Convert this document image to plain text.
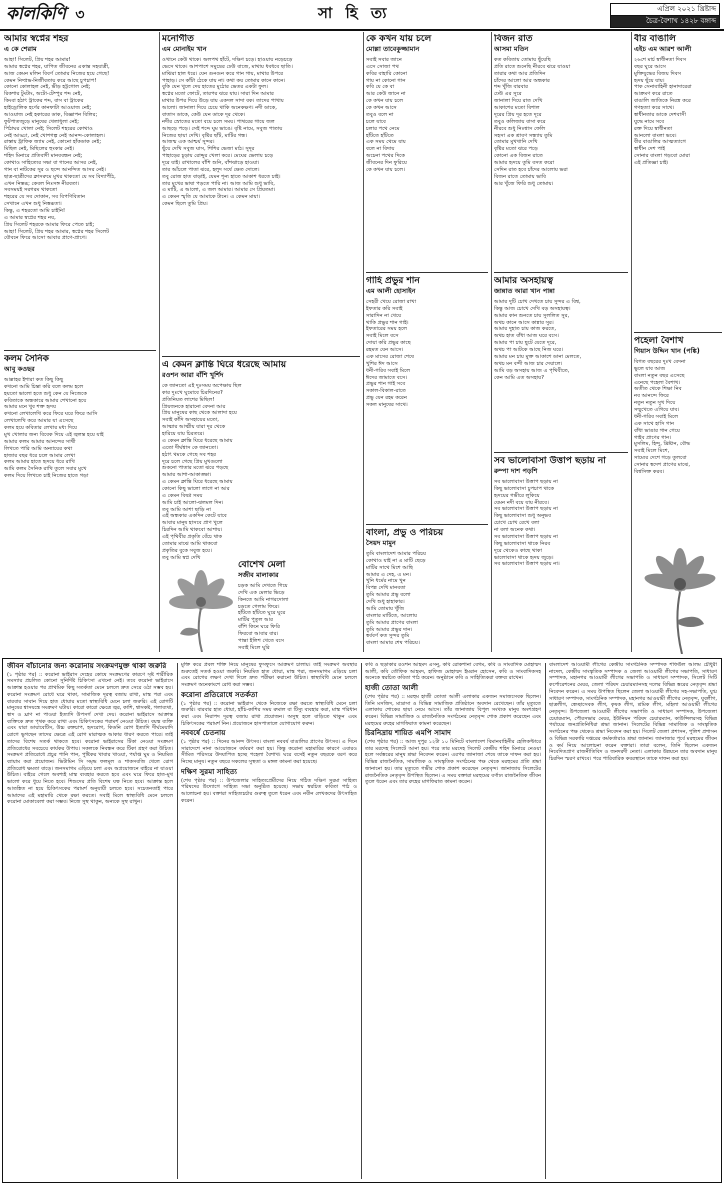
কালকিণি ৩	সা হি ত্য	এপ্রিল ২০২১ খ্রিষ্টাব্দ
চৈত্র-বৈশাখ ১৪২৮ বঙ্গাব্দ
আমার স্বপ্নের শহর
এ কে শেরাম

আহা! সিলেট, প্রিয় শহর আমার!

আমার স্বপ্নের শহর, যাপিত জীবনের একান্ত সহযাত্রী,

আজ কেমন মলিন বিবর্ণ তোমার নিজের হয়ে গেছে!

কেমন নিষ্প্রভ-নির্জীবতায় করে আছে চুপচাপ!

কোনো কোলাহল নেই, ভীড় হট্টগোল নেই;

রিকশার টুংটাং, অটো-টেম্পুর শব্দ নেই,

কিংবা হঠাৎ ট্রাকের শব্দ, বাস বা ট্রাকের

হাইড্রোলিক হর্ণের কানফাটা আওয়াজ নেই;

আওয়াজ নেই হকারের ডাক, বিজ্ঞাপন বিলির;

ফুটপাতজুড়ে মানুষের খেলাধুলা নেই;

পিঠাঘর খোলা নেই; সিলেট শহরের কোথাও

নেই আড্ডা, নেই খোশগল্প নেই আনন্দ-কোলাহল।

রাস্তায় ট্রাফিক জ্যাম নেই, কোনো হাঁকডাক নেই;

মিছিল নেই, মিছিলের হুংকার নেই।

শহিদ মিনারে প্রতিবাদী মানববন্ধন নেই;

কোথাও সাহিত্যের সভা বা গানের আসর নেই,

গান বা নাটকের সুর ও ছন্দে আনন্দিত আসর নেই।

ছাত্র-ছাত্রীদের ক্লাসরুমে মুখর থাকতো যে সব বিদ্যাপীঠ,

এখন নিস্তব্ধ; কেবল নিঃসঙ্গ নীরবতা।

সবসময়ই সরগরম থাকতো

শহরের যে সব দোকান, সব বিপণিবিতান

সেখানে এখন শুধু নিস্তব্ধতা।

কিন্তু, এ শহরতো আমি চাইনি!

এ আমার স্বপ্নের শহর নয়,

প্রিয় সিলেট শহরকে আমার ফিরে পেতে চাই;

আহা! সিলেট, প্রিয় শহর আমার, স্বপ্নের শহর সিলেট

যৌবনে ফিরে আসো আবার প্রাণে-প্রাণে।

কলম সৈনিক
আবু কওছর

আল্লাহর ইশারা কত কিছু কিছু

কখনো আমি চিন্তা করি বলে কলম হলে

হয়তো ভালো হতে শুধু কেন যে নিজেকে

কবিতাকে অন্ধকারে আমার শেখানো হয়ে

আমার মনে খুব শক্ত হৃদয়

কখনো লেখালেখি করে ফিরে ঘরে ফিরে আসি

লেখালেখি করে আমার যা এসেছে

কলম হয়ে কবিতার লেখার মধ্য দিয়ে

মুখ খোলার জন্য বিবেক দিয়ে এই জ্বলন্ত হয়ে যাই

আমার কলম আমার আনন্দের সাথী

লিখতে পারি আমি অন্যায়ের কথা

হাজার বছর ধরে চলে আমার লেখা

কলম আমার হাতে হৃদয়ে ধরে রাখি

আমি কলম সৈনিক রাখি তুলে সবার মুখে

কলম দিয়ে লিখতে চাই নিজের হাতে গড়া

মনোগীত
এম মোনাইম খান

ওখানে কেউ থাকে। অলপথ হাঁটে, দক্ষিণ চড়ে। হাওয়ায় নড়েচড়ে

ভেসে থাকে। আশপাশে সমুদ্রের ঢেউ বাজে, মাথায় ধবধবে ছাতি।

মাঝিরা হাল ধরে। যেন গুনগুন করে গান গায়, মাথার উপরে

পাহাড়। সে কাঁটা ঠেকে যায় না। কথা কয় তোমার কানে কানে।

বুকি যেন খুলে দেয় হাতের মুঠোর ভেতর একটা ফুল।

স্বপ্নের মতো ফোটে, তারপর ঝরে যায়। সারা দিন আমার

মাথার উপর দিয়ে উড়ে যায় একদল সাদা বক। তাদের পাখায়

আলো। জানালা দিয়ে চেয়ে থাকি অনেকক্ষণ। নদী ডাকে,

বাতাস ডাকে, কেউ যেন ডাকে দূর থেকে।

নদীর স্রোতের মতো বয়ে চলে সময়। পাথরের গায়ে জল

আছড়ে পড়ে। সেই শব্দে ঘুম ভাঙে। বৃষ্টি নামে, সবুজ পাতায়

নিজের ছায়া দেখি। বৃষ্টির ছাঁট, মাটির গন্ধ।

আজন্ম এক আশ্চর্য সুন্দর।

ছুঁয়ে দেখি সবুজ ঘাস, শিশির ভেজা মাঠ। সুদূর

পাহাড়ের চূড়ায় রোদ্দুর খেলা করে। মেঘের ভেলায় চড়ে

দূরে যাই। রাখালের বাঁশি শুনি, বাঁশঝাড়ে হাওয়া।

তার আঁচলে পাতা ঝরে, হলুদ সর্ষে ক্ষেত দোলে।

তবু রোজ হাত বাড়াই, যেমন শূন্য হাতে আকাশ ধরতে চাই।

তার মুখের ভাষা পড়তে পারি না। আজ আমি শুধু ভাবি,

এ মাটি, এ আলো, এ জল আমার। আমার সে প্রিয়তমা।

এ কেমন স্মৃতি যে আমাকে টানে। এ কেমন মায়া।

কেমন ছিলে তুমি প্রিয়।

এ কেমন ক্লান্তি ঘিরে ধরেছে আমায়
রওশন আরা বাঁশি খুর্শিদ

কে জানতো এই দুঃসময় অপেক্ষায় ছিল

কার দুঃখে ঘুমোবে চিরদিনের?

প্রতিনিয়ত লাশের মিছিল!

প্রিয়জনকে হারানো বেদনা আর

প্রিয় মানুষের কাছ থেকে আলাদা হয়ে

সবাই কাঁদি অসহায়ের মতো,

আত্মার আত্মীয় যারা দূর থেকে

হারিয়ে যায় চিরতরে।

এ কেমন ক্লান্তি ঘিরে ধরেছে আমায়

এতো দীর্ঘশ্বাস কে জানতো।

হঠাৎ থমকে গেছে সব শহর

দূরে চলে গেছে প্রিয় মুখগুলো

শুকনো পাতার মতো ঝরে পড়ছে

আমার আশা-আকাঙ্ক্ষা।

এ কেমন ক্লান্তি ঘিরে ধরেছে আমায়

কোনো কিছু ভালো লাগে না আর

এ কেমন বিষণ্ণ সময়

আমি চাই আলো-ঝলমল দিন।

তবু আমি আশা ছাড়ি না

এই অন্ধকার একদিন কেটে যাবে

আবার মানুষ হাসবে প্রাণ খুলে

চিরদিন আমি থাকবো আশায়।

এই পৃথিবীর প্রকৃতি বেঁচে থাক

তোমার মাঝে আমি থাকবো

প্রকৃতির বুকে সবুজ হয়ে।

তবু আমি স্বপ্ন দেখি

বোশেখ মেলা
সজীব মালাকার

চড়ক আমি দেখতে গিয়ে

দেখি এক মেলার ভিড়ে

কিনতে আমি নাগরদোলা

চড়তে গেলাম ফিরে।

হাঁটতে হাঁটতে ঘুরে ঘুরে

মাটির পুতুল আর

বাঁশি কিনে ঘরে ফিরি

ফিরবো আবার বার।

পান্তা ইলিশ খেতে বসে

সবাই মিলে ঘুরি

কে কখন যায় চলে
মোল্লা তাবেকুজ্জামান

সবাই সবার জানে

এসে সোজা পথ

কবির বাহারি কোনো

গায় না কোনো গান

কবি যে কে বা

আর কেউ জানে না

কে কখন যায় চলে

কে কখন আসে

তবুও বলে না

চলে যাবে

চলার পথে নেমে

হাঁটতে হাঁটতে

এক সময় থেমে যায়

বলে না বিদায়

অচেনা পথের দিকে

জীবনের দিন ফুরিয়ে

কে কখন যায় চলে।

গাহি প্রভুর শান
এম আলী হোসাইন

সেহরী খেয়ে রোজা রাখা

ইফতার করি সবাই

সারাদিন না খেয়ে

থাকি প্রভুর শান গাই।

ইফতারের সময় হলে

সবাই মিলে বসে

দোয়া করি প্রভুর কাছে

রহমত যেন আসে।

এক মাসের রোজা শেষে

খুশির ঈদ আসে

ধনী-গরিব সবাই মিলে

ঈদের জামাতে বসে।

প্রভুর শান গাই সবে

সকাল-বিকাল-রাতে

প্রভু যেন রহম করেন

সকল মানুষের সাথে।

বাংলা, প্রভু ও পরিচয়
সৈয়দ মামুন

তুমি বাংলাদেশ আমার পরিচয়

কোথাও যাই না এ মাটি ছেড়ে

মাটির সাথে মিশে আছি

আমার এ দেহ, এ মন।

খুনি ধর্মের নামে খুন

বিপন্ন দেখি মানবতা

তুমি আমার প্রভু বলো

দেখি শুধু হাহাকার।

আমি তোমায় খুঁজি

বাংলার মাটিতে, আলোয়

তুমি আমার প্রাণের বাংলা

তুমি আমার প্রভুর দান।

স্বর্ববর্ণ কত সুন্দর তুমি

বাংলা আমার শেষ পরিচয়।

বিজন রাত
আসমা মতিন

কত কবিতায় তোমায় ছুঁয়েছি

প্রতি রাতে শুনেছি নীরবে ঝরে যাওয়া

তারার কথা আর প্রতিদিন

চাঁদের আলো আর অন্ধকার

শব্দ খুঁজি বারবার

ঢেউ এর সুরে

জানালা দিয়ে রাত দেখি

আকাশের মতো বিশাল

দূরের প্রিয় দূর হতে দূরে

তবুও কলিজায় বাসা করে

নীরবে শুধু নিঃশ্বাস ফেলি

সহসা এক শ্রাবণ সন্ধ্যায় তুমি

তোমার মুখখানি দেখি

বৃষ্টির মতো ঝরে পড়ে

কোনো এক বিজন রাতে

আমার হৃদয়ে তুমি বসত করো

সেদিন রাত হবে চাঁদের আলোয় ভরা

বিজন রাতে তোমায় ভাবি

আর খুঁজে ফিরি শুধু তোমায়।

আমার অসহায়ত্ব
জান্নাত আরা খান পান্না

আমার দুটি চোখ দেখতে চায় সুন্দর এ বিশ্ব,

কিন্তু আজ চোখে দেখি বড় অসহায়ত্ব।

আমার কান শুনতে চায় সুললিত সুর,

অথচ কানে আসে কান্নার সুর।

আমার দুহাত চায় কাজ করতে,

অথচ হাত বাঁধা আজ ঘরে বসে।

আমার পা চায় ছুটে যেতে দূরে,

অথচ পা আটকে আছে নিজ ঘরে।

আমার মন চায় মুক্ত আকাশে ডানা মেলতে,

অথচ মন বন্দী আজ চার দেয়ালে।

আমি বড় অসহায় আজ এ পৃথিবীতে,

কেন আমি এত অসহায়?

সব ভালোবাসা উত্তাপ ছড়ায় না
রুম্পা দাশ পড়শি

সব ভালোবাসা উত্তাপ ছড়ায় না

কিছু ভালোবাসা চুপচাপ থাকে

হৃদয়ের গভীরে লুকিয়ে

যেমন নদী বয়ে যায় নীরবে।

সব ভালোবাসা উত্তাপ ছড়ায় না

কিছু ভালোবাসা শুধু অনুভব

চোখে চোখ রেখে বলা

না বলা অনেক কথা।

সব ভালোবাসা উত্তাপ ছড়ায় না

কিছু ভালোবাসা থাকে নিরব

দূরে থেকেও কাছে থাকা

ভালোবাসা থাকে হৃদয় জুড়ে।

সব ভালোবাসা উত্তাপ ছড়ায় না।

বীর বাঙালি
এইচ এম আরশ আলী

২৬শে মার্চ স্বাধীনতা দিবস

বছর ঘুরে আসে

মুক্তিযুদ্ধের বিজয় দিবস

হৃদয় ছুঁয়ে যায়।

পাক সেনাবাহিনী হানাদারেরা

আক্রমণ করে রাতে

বাঙালি জাতিকে নিরস্ত্র করে

গণহত্যা করে সাথে।

স্বাধীনতার ডাকে দেশবাসী

যুদ্ধে নামে সবে

রক্ত দিয়ে স্বাধীনতা

আনলো বাংলা ভবে।

বীর বাঙালির আত্মত্যাগে

স্বাধীন দেশ পাই

সোনার বাংলা গড়বো মোরা

এই প্রতিজ্ঞা চাই।

পহেলা বৈশাখ
গিয়াস উদ্দিন খান (পঙ্কি)

বিগত বছরের দুঃখ বেদনা

ভুলে যাব আজ

বাংলা নতুন বছর এসেছে

এনেছে পহেলা বৈশাখ।

অতীত থেকে শিক্ষা নিব

নব আনন্দে ফিরে

নতুন নতুন সুখ দিয়ে

সম্মুখেতে এগিয়ে যাব।

ধনী-গরিব সবাই মিলে

এক সাথে হাসি গান

বাঁধা ভাঙার গান গেয়ে

গাইব প্রাণের গান।

মুসলিম, হিন্দু, খ্রিষ্টান, বৌদ্ধ

সবাই মিলে মিশে,

সাম্যের দেশে গড়ে তুলবো

সোনার স্বদেশ প্রাণের মাঝে,

বিশ্বসিক্ত করব।

জীবন বাঁচানোর জন্য করোনায় সংক্রমণমুক্ত থাকা জরুরি

(১ পৃষ্ঠার পর) :: করোনা ভাইরাস দেহের কোষে সংক্রমণের কারণে সৃষ্ট শারীরিক সমস্যার প্রচলিত কোনো সুনির্দিষ্ট চিকিৎসা এখনো নেই। তবে করোনা ভাইরাসে আক্রান্ত হওয়ার পর প্রাথমিক কিছু সতর্কতা মেনে চললে দ্রুত সেরে ওঠা সম্ভব হয়। করোনা সংক্রমণ রোধে ঘরে থাকা, সামাজিক দূরত্ব বজায় রাখা, মাস্ক পরা এবং বারবার সাবান দিয়ে হাত ধোয়ার মতো স্বাস্থ্যবিধি মেনে চলা জরুরি। এই রোগটি মানুষের শ্বাসযন্ত্রে সংক্রমণ ঘটায়। কারো কারো ক্ষেত্রে জ্বর, কাশি, শ্বাসকষ্ট, গলাব্যথা, স্বাদ ও ঘ্রাণ না পাওয়া ইত্যাদি উপসর্গ দেখা দেয়। করোনা ভাইরাসে আক্রান্ত ব্যক্তিকে দ্রুত পৃথক করে রাখা এবং চিকিৎসকের পরামর্শ নেওয়া উচিত। বয়স্ক ব্যক্তি এবং যারা ডায়াবেটিস, উচ্চ রক্তচাপ, হৃদরোগ, কিডনি রোগ ইত্যাদি দীর্ঘমেয়াদি রোগে ভুগছেন তাদের ক্ষেত্রে এই রোগ মারাত্মক আকার ধারণ করতে পারে। তাই তাদের বিশেষ সতর্ক থাকতে হবে। করোনা ভাইরাসের টিকা নেওয়া সংক্রমণ প্রতিরোধের সবচেয়ে কার্যকর উপায়। সকলকে নিবন্ধন করে টিকা গ্রহণ করা উচিত। সংক্রমণ প্রতিরোধে প্রচুর পানি পান, পুষ্টিকর খাবার খাওয়া, পর্যাপ্ত ঘুম ও নিয়মিত ব্যায়াম করা প্রয়োজন। ভিটামিন সি সমৃদ্ধ ফলমূল ও শাকসবজি খেলে রোগ প্রতিরোধ ক্ষমতা বাড়ে। জনসমাগম এড়িয়ে চলা এবং অপ্রয়োজনে বাইরে না যাওয়া উচিত। বাইরে গেলে অবশ্যই মাস্ক ব্যবহার করতে হবে এবং ঘরে ফিরে হাত-মুখ ভালো করে ধুয়ে নিতে হবে। শিশুদের প্রতি বিশেষ যত্ন নিতে হবে। আক্রান্ত হলে আতঙ্কিত না হয়ে চিকিৎসকের পরামর্শ অনুযায়ী চলতে হবে। সচেতনতাই পারে আমাদের এই মহামারি থেকে রক্ষা করতে। সবাই মিলে স্বাস্থ্যবিধি মেনে চললে করোনা মোকাবেলা করা সম্ভব। নিজে সুস্থ থাকুন, অন্যকে সুস্থ রাখুন।

মুক্তি করে প্রবল শক্তি নিয়ে মানুষের ফুসফুসে আক্রমণ চালায়। তাই সংক্রমণ অবস্থার শুরুতেই সতর্ক হওয়া জরুরি। নিয়মিত হাত ধোয়া, মাস্ক পরা, জনসমাগম এড়িয়ে চলা এবং রোগের লক্ষণ দেখা দিলে দ্রুত পরীক্ষা করানো উচিত। স্বাস্থ্যবিধি মেনে চললে সংক্রমণ অনেকাংশে রোধ করা সম্ভব।

করোনা প্রতিরোধে সতর্কতা

(১ পৃষ্ঠার পর) :: করোনা ভাইরাস থেকে নিজেকে রক্ষা করতে স্বাস্থ্যবিধি মেনে চলা জরুরি। বারবার হাত ধোয়া, হাঁচি-কাশির সময় রুমাল বা টিস্যু ব্যবহার করা, মাস্ক পরিধান করা এবং নিরাপদ দূরত্ব বজায় রাখা প্রয়োজন। অসুস্থ হলে বাড়িতে থাকুন এবং চিকিৎসকের পরামর্শ নিন। প্রয়োজনে হাসপাতালে যোগাযোগ করুন।

নববর্ষে চেতনায়

(১ পৃষ্ঠার পর) :: দিনের আনন্দ উৎসব। বাংলা নববর্ষ বাঙালির প্রাণের উৎসব। এ দিনে সারাদেশে নানা আয়োজনে বর্ষবরণ করা হয়। কিন্তু করোনা মহামারির কারণে এবারও সীমিত পরিসরে উদযাপিত হচ্ছে পহেলা বৈশাখ। ঘরে বসেই নতুন বছরকে বরণ করে নিচ্ছে মানুষ। নতুন বছরে সকলের সুস্থতা ও মঙ্গল কামনা করা হয়েছে।

দক্ষিণ সুরমা সাহিত্য

(শেষ পৃষ্ঠার পর) :: উপজেলার সাহিত্যপ্রেমীদের নিয়ে গঠিত দক্ষিণ সুরমা সাহিত্য পরিষদের উদ্যোগে সাহিত্য সভা অনুষ্ঠিত হয়েছে। সভায় স্বরচিত কবিতা পাঠ ও আলোচনা হয়। বক্তারা সাহিত্যচর্চার গুরুত্ব তুলে ধরেন এবং নবীন লেখকদের উৎসাহিত করেন।

কবি ও ছড়াকার রওশন আহমদ এসনু, কবি রোকশানা বেগম, কবি ও সাংবাদিক মোহাম্মদ আলী, কবি তৌফিক আহমদ, হাফিজ মোহাম্মদ ইমরান হোসেন, কবি ও সাংবাদিকসহ অনেকে স্বরচিত কবিতা পাঠ করেন। অনুষ্ঠানে কবি ও সাহিত্যিকরা বক্তব্য রাখেন।

হাজী তোতা আলী

(শেষ পৃষ্ঠার পর) :: মরহুম হাজী তোতা আলী এলাকার একজন সমাজসেবক ছিলেন। তিনি মসজিদ, মাদ্রাসা ও বিভিন্ন সামাজিক প্রতিষ্ঠানে অবদান রেখেছেন। তাঁর মৃত্যুতে এলাকায় শোকের ছায়া নেমে আসে। তাঁর জানাজায় বিপুল সংখ্যক মানুষ অংশগ্রহণ করেন। বিভিন্ন সামাজিক ও রাজনৈতিক সংগঠনের নেতৃবৃন্দ শোক প্রকাশ করেছেন এবং মরহুমের রুহের মাগফিরাত কামনা করেছেন।

চিরনিদ্রায় শায়িত এমপি সামাদ

(শেষ পৃষ্ঠার পর) :: আজ দুপুর ১২টা ১০ মিনিটে বাংলাদেশ বিমানবাহিনীর হেলিকপ্টারে তার মরদেহ সিলেটে আনা হয়। পরে তার মরদেহ সিলেট কেন্দ্রীয় শহিদ মিনারে নেওয়া হলে সর্বস্তরের মানুষ শ্রদ্ধা নিবেদন করেন। এরপর জানাজা শেষে তাকে দাফন করা হয়। বিভিন্ন রাজনৈতিক, সামাজিক ও সাংস্কৃতিক সংগঠনের পক্ষ থেকে মরহুমের প্রতি শ্রদ্ধা জানানো হয়। তার মৃত্যুতে গভীর শোক প্রকাশ করেছেন নেতৃবৃন্দ। জানাজায় সিলেটের রাজনৈতিক নেতৃবৃন্দ উপস্থিত ছিলেন। এ সময় বক্তারা মরহুমের বর্ণাঢ্য রাজনৈতিক জীবন তুলে ধরেন এবং তার রুহের মাগফিরাত কামনা করেন।

বাংলাদেশ আওয়ামী লীগের কেন্দ্রীয় সাংগঠনিক সম্পাদক শফিউল আলম চৌধুরী নাদেল, কেন্দ্রীয় সাংস্কৃতিক সম্পাদক ও জেলা আওয়ামী লীগের সভাপতি, সাধারণ সম্পাদক, মহানগর আওয়ামী লীগের সভাপতি ও সাধারণ সম্পাদক, সিলেট সিটি কর্পোরেশনের মেয়র, জেলা পরিষদ চেয়ারম্যানসহ দলের বিভিন্ন স্তরের নেতৃবৃন্দ শ্রদ্ধা নিবেদন করেন। এ সময় উপস্থিত ছিলেন জেলা আওয়ামী লীগের সহ-সভাপতি, যুগ্ম সাধারণ সম্পাদক, সাংগঠনিক সম্পাদক, মহানগর আওয়ামী লীগের নেতৃবৃন্দ, যুবলীগ, ছাত্রলীগ, স্বেচ্ছাসেবক লীগ, কৃষক লীগ, শ্রমিক লীগ, মহিলা আওয়ামী লীগের নেতৃবৃন্দ। উপজেলা আওয়ামী লীগের সভাপতি ও সাধারণ সম্পাদক, উপজেলা চেয়ারম্যান, পৌরসভার মেয়র, ইউনিয়ন পরিষদ চেয়ারম্যান, কাউন্সিলরসহ বিভিন্ন পর্যায়ের জনপ্রতিনিধিরা শ্রদ্ধা জানান। সিলেটের বিভিন্ন সামাজিক ও সাংস্কৃতিক সংগঠনের পক্ষ থেকেও শ্রদ্ধা নিবেদন করা হয়। সিলেট জেলা প্রশাসন, পুলিশ প্রশাসন ও বিভিন্ন সরকারি দপ্তরের কর্মকর্তারাও শ্রদ্ধা জানান। জানাজার পূর্বে মরহুমের জীবন ও কর্ম নিয়ে আলোচনা করেন বক্তারা। তারা বলেন, তিনি ছিলেন একজন নিবেদিতপ্রাণ রাজনীতিবিদ ও জনদরদী নেতা। এলাকার উন্নয়নে তার অবদান মানুষ চিরদিন স্মরণ রাখবে। পরে পারিবারিক কবরস্থানে তাকে দাফন করা হয়।
